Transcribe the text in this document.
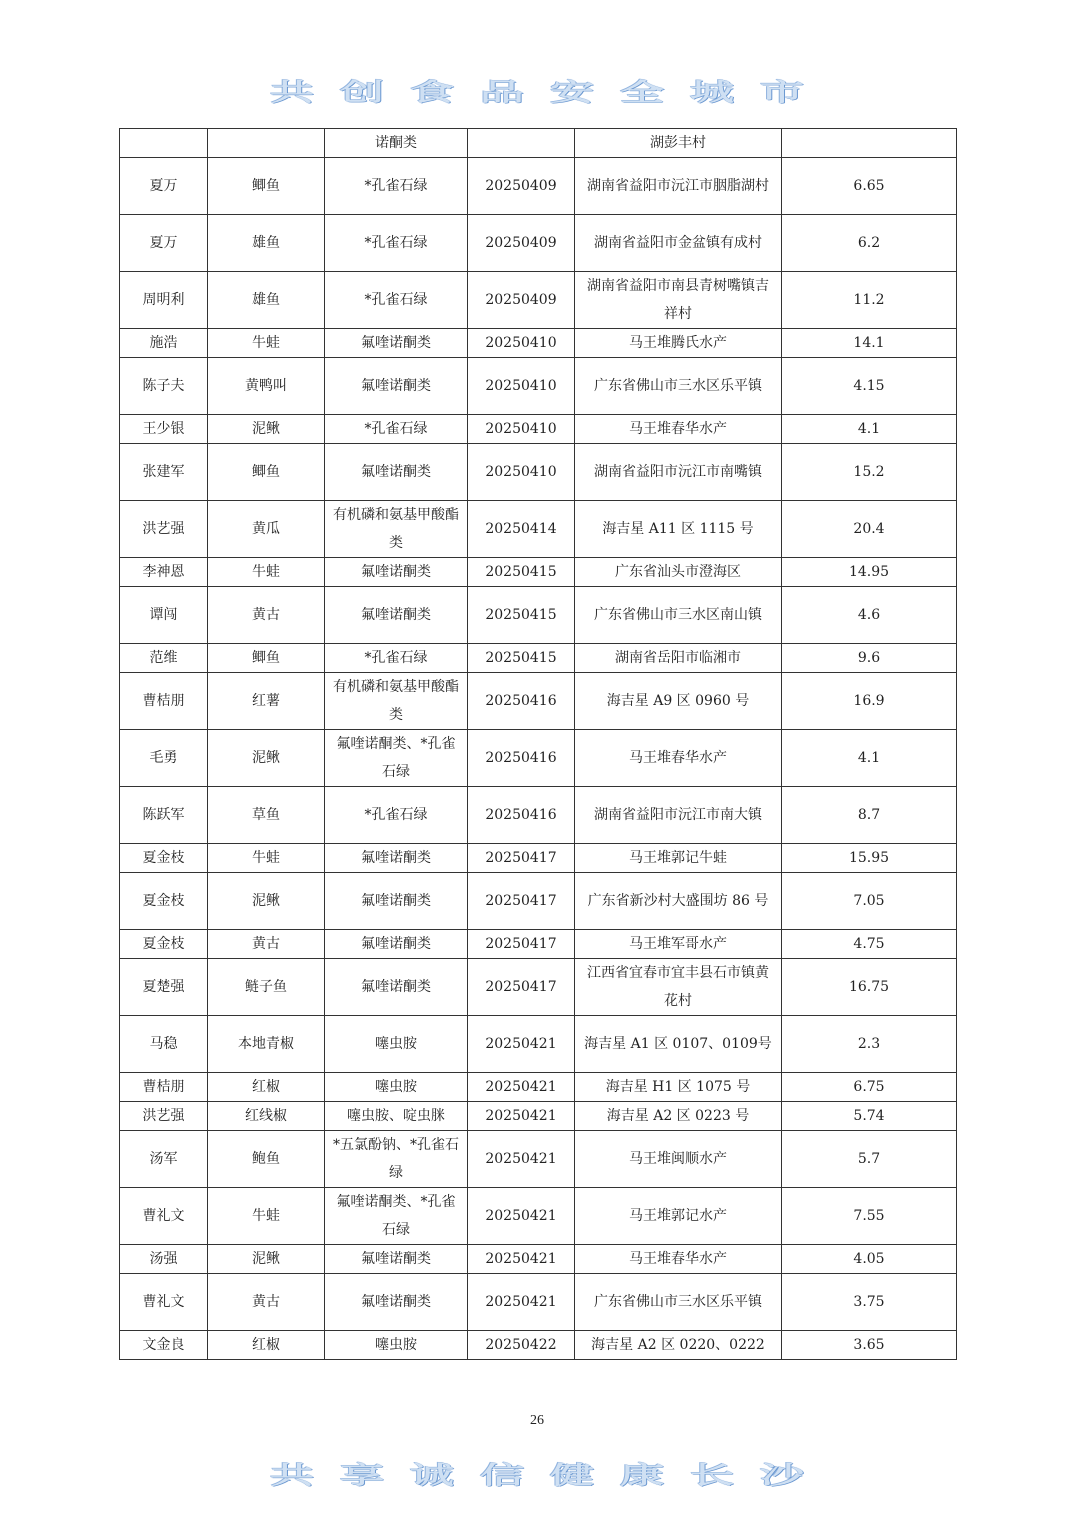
共创食品安全城市
		诺酮类		湖彭丰村	
夏万	鲫鱼	*孔雀石绿	20250409	湖南省益阳市沅江市胭脂湖村	6.65
夏万	雄鱼	*孔雀石绿	20250409	湖南省益阳市金盆镇有成村	6.2
周明利	雄鱼	*孔雀石绿	20250409	湖南省益阳市南县青树嘴镇吉祥村	11.2
施浩	牛蛙	氟喹诺酮类	20250410	马王堆腾氏水产	14.1
陈子夫	黄鸭叫	氟喹诺酮类	20250410	广东省佛山市三水区乐平镇	4.15
王少银	泥鳅	*孔雀石绿	20250410	马王堆春华水产	4.1
张建军	鲫鱼	氟喹诺酮类	20250410	湖南省益阳市沅江市南嘴镇	15.2
洪艺强	黄瓜	有机磷和氨基甲酸酯类	20250414	海吉星 A11 区 1115 号	20.4
李神恩	牛蛙	氟喹诺酮类	20250415	广东省汕头市澄海区	14.95
谭闯	黄古	氟喹诺酮类	20250415	广东省佛山市三水区南山镇	4.6
范维	鲫鱼	*孔雀石绿	20250415	湖南省岳阳市临湘市	9.6
曹桔朋	红薯	有机磷和氨基甲酸酯类	20250416	海吉星 A9 区 0960 号	16.9
毛勇	泥鳅	氟喹诺酮类、*孔雀石绿	20250416	马王堆春华水产	4.1
陈跃军	草鱼	*孔雀石绿	20250416	湖南省益阳市沅江市南大镇	8.7
夏金枝	牛蛙	氟喹诺酮类	20250417	马王堆郭记牛蛙	15.95
夏金枝	泥鳅	氟喹诺酮类	20250417	广东省新沙村大盛围坊 86 号	7.05
夏金枝	黄古	氟喹诺酮类	20250417	马王堆军哥水产	4.75
夏楚强	鲢子鱼	氟喹诺酮类	20250417	江西省宜春市宜丰县石市镇黄花村	16.75
马稳	本地青椒	噻虫胺	20250421	海吉星 A1 区 0107、0109号	2.3
曹桔朋	红椒	噻虫胺	20250421	海吉星 H1 区 1075 号	6.75
洪艺强	红线椒	噻虫胺、啶虫脒	20250421	海吉星 A2 区 0223 号	5.74
汤军	鲍鱼	*五氯酚钠、*孔雀石绿	20250421	马王堆闽顺水产	5.7
曹礼文	牛蛙	氟喹诺酮类、*孔雀石绿	20250421	马王堆郭记水产	7.55
汤强	泥鳅	氟喹诺酮类	20250421	马王堆春华水产	4.05
曹礼文	黄古	氟喹诺酮类	20250421	广东省佛山市三水区乐平镇	3.75
文金良	红椒	噻虫胺	20250422	海吉星 A2 区 0220、0222	3.65
26
共享诚信健康长沙
